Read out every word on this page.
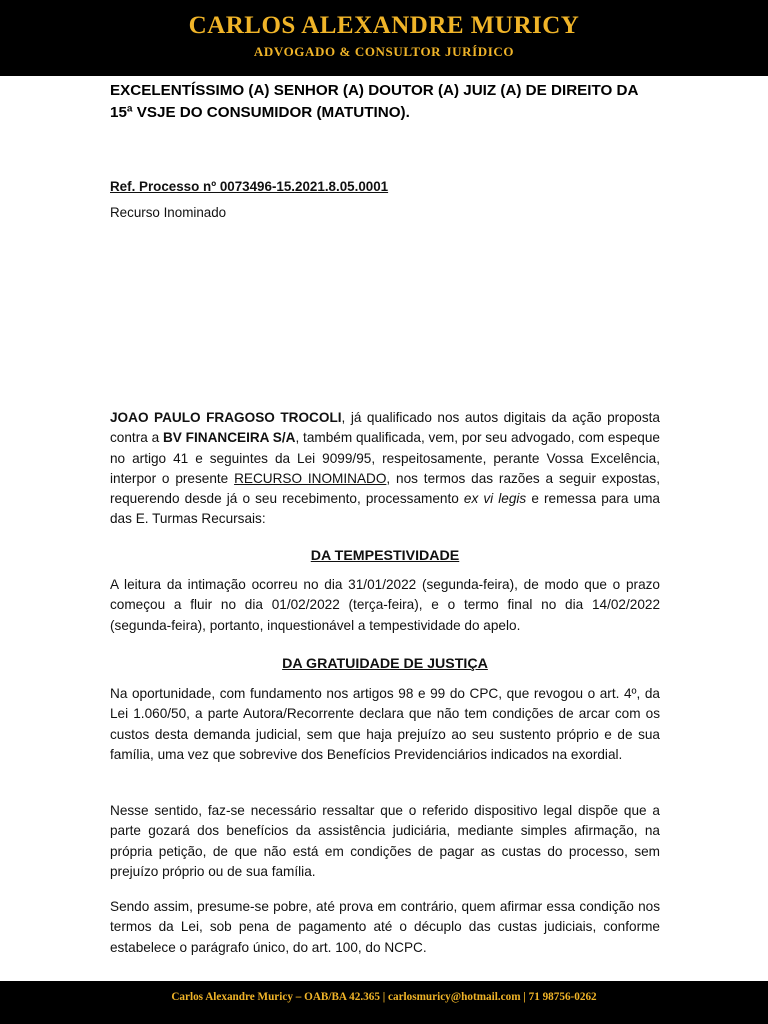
CARLOS ALEXANDRE MURICY
ADVOGADO & CONSULTOR JURÍDICO
EXCELENTÍSSIMO (A) SENHOR (A) DOUTOR (A) JUIZ (A) DE DIREITO DA 15ª VSJE DO CONSUMIDOR (MATUTINO).
Ref. Processo nº 0073496-15.2021.8.05.0001
Recurso Inominado
JOAO PAULO FRAGOSO TROCOLI, já qualificado nos autos digitais da ação proposta contra a BV FINANCEIRA S/A, também qualificada, vem, por seu advogado, com espeque no artigo 41 e seguintes da Lei 9099/95, respeitosamente, perante Vossa Excelência, interpor o presente RECURSO INOMINADO, nos termos das razões a seguir expostas, requerendo desde já o seu recebimento, processamento ex vi legis e remessa para uma das E. Turmas Recursais:
DA TEMPESTIVIDADE
A leitura da intimação ocorreu no dia 31/01/2022 (segunda-feira), de modo que o prazo começou a fluir no dia 01/02/2022 (terça-feira), e o termo final no dia 14/02/2022 (segunda-feira), portanto, inquestionável a tempestividade do apelo.
DA GRATUIDADE DE JUSTIÇA
Na oportunidade, com fundamento nos artigos 98 e 99 do CPC, que revogou o art. 4º, da Lei 1.060/50, a parte Autora/Recorrente declara que não tem condições de arcar com os custos desta demanda judicial, sem que haja prejuízo ao seu sustento próprio e de sua família, uma vez que sobrevive dos Benefícios Previdenciários indicados na exordial.
Nesse sentido, faz-se necessário ressaltar que o referido dispositivo legal dispõe que a parte gozará dos benefícios da assistência judiciária, mediante simples afirmação, na própria petição, de que não está em condições de pagar as custas do processo, sem prejuízo próprio ou de sua família.
Sendo assim, presume-se pobre, até prova em contrário, quem afirmar essa condição nos termos da Lei, sob pena de pagamento até o décuplo das custas judiciais, conforme estabelece o parágrafo único, do art. 100, do NCPC.
Carlos Alexandre Muricy – OAB/BA 42.365 | carlosmuricy@hotmail.com | 71 98756-0262
